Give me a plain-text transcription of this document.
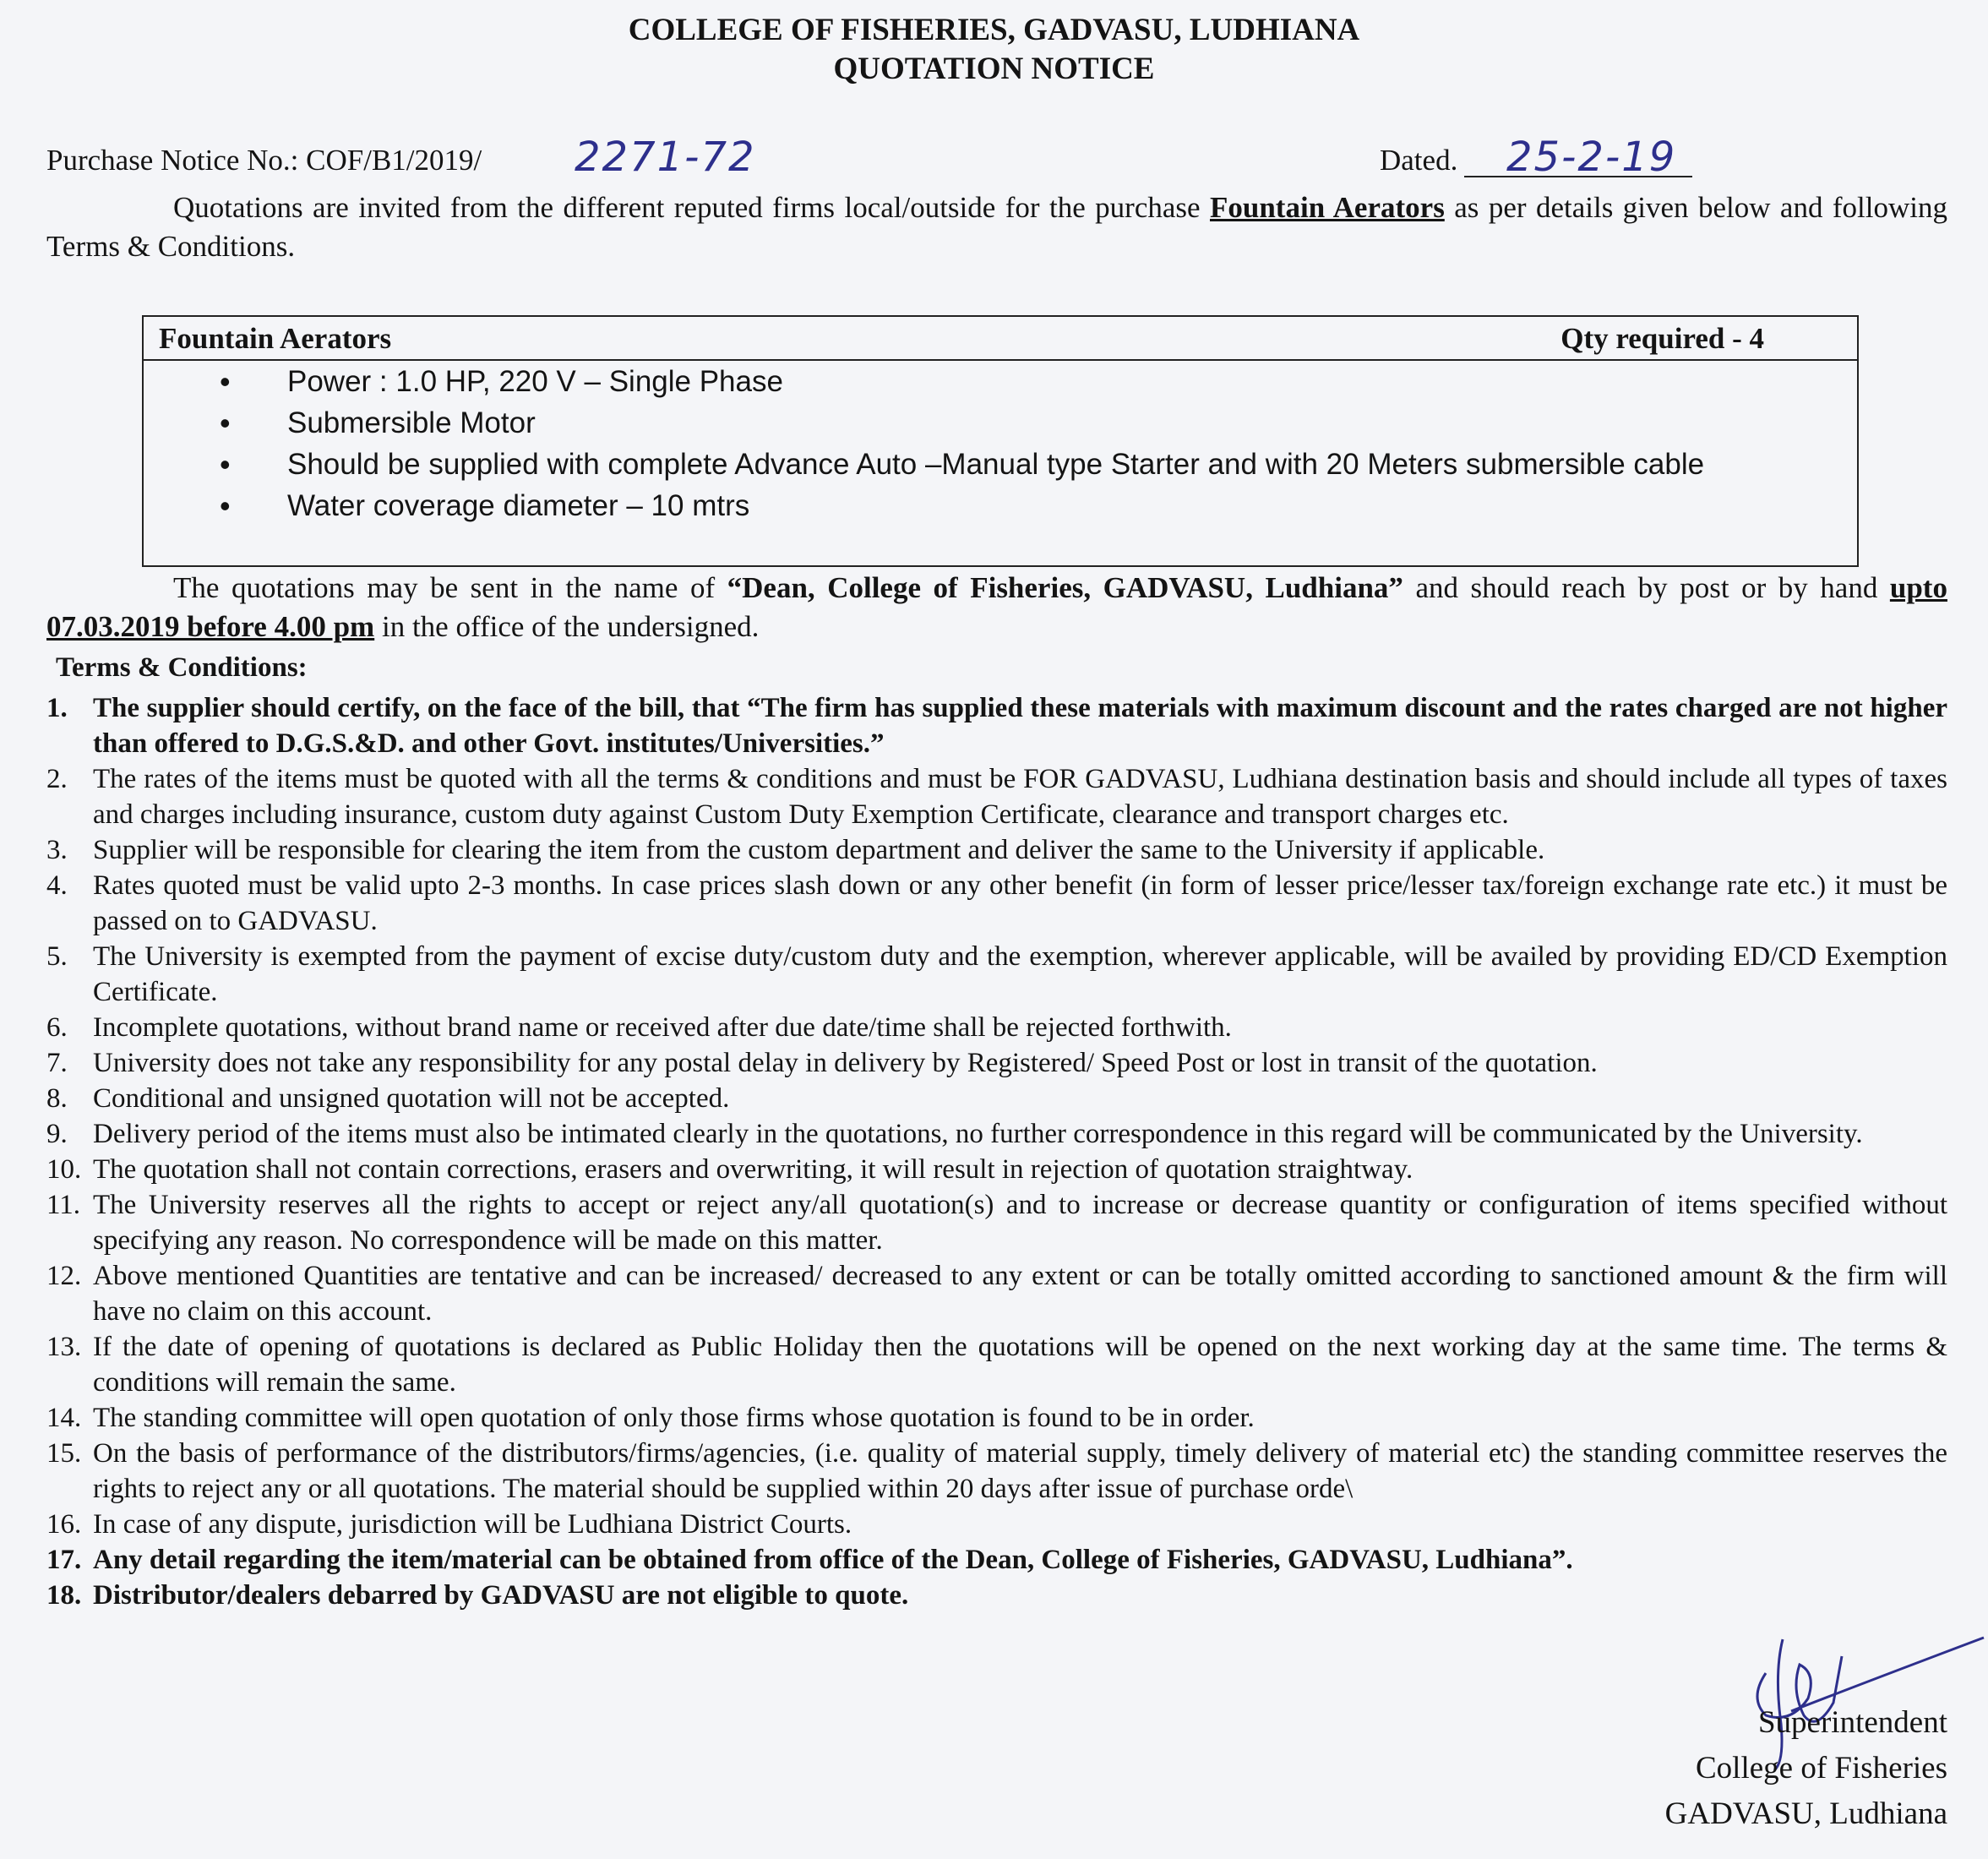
COLLEGE OF FISHERIES, GADVASU, LUDHIANA
QUOTATION NOTICE
Purchase Notice No.: COF/B1/2019/ 2271-72	Dated. 25-2-19
Quotations are invited from the different reputed firms local/outside for the purchase Fountain Aerators as per details given below and following Terms & Conditions.
Fountain Aerators	Qty required - 4
• Power : 1.0 HP, 220 V – Single Phase
• Submersible Motor
• Should be supplied with complete Advance Auto –Manual type Starter and with 20 Meters submersible cable
• Water coverage diameter – 10 mtrs
The quotations may be sent in the name of “Dean, College of Fisheries, GADVASU, Ludhiana” and should reach by post or by hand upto 07.03.2019 before 4.00 pm in the office of the undersigned.
Terms & Conditions:
1. The supplier should certify, on the face of the bill, that “The firm has supplied these materials with maximum discount and the rates charged are not higher than offered to D.G.S.&D. and other Govt. institutes/Universities.”
2. The rates of the items must be quoted with all the terms & conditions and must be FOR GADVASU, Ludhiana destination basis and should include all types of taxes and charges including insurance, custom duty against Custom Duty Exemption Certificate, clearance and transport charges etc.
3. Supplier will be responsible for clearing the item from the custom department and deliver the same to the University if applicable.
4. Rates quoted must be valid upto 2-3 months. In case prices slash down or any other benefit (in form of lesser price/lesser tax/foreign exchange rate etc.) it must be passed on to GADVASU.
5. The University is exempted from the payment of excise duty/custom duty and the exemption, wherever applicable, will be availed by providing ED/CD Exemption Certificate.
6. Incomplete quotations, without brand name or received after due date/time shall be rejected forthwith.
7. University does not take any responsibility for any postal delay in delivery by Registered/ Speed Post or lost in transit of the quotation.
8. Conditional and unsigned quotation will not be accepted.
9. Delivery period of the items must also be intimated clearly in the quotations, no further correspondence in this regard will be communicated by the University.
10. The quotation shall not contain corrections, erasers and overwriting, it will result in rejection of quotation straightway.
11. The University reserves all the rights to accept or reject any/all quotation(s) and to increase or decrease quantity or configuration of items specified without specifying any reason. No correspondence will be made on this matter.
12. Above mentioned Quantities are tentative and can be increased/ decreased to any extent or can be totally omitted according to sanctioned amount & the firm will have no claim on this account.
13. If the date of opening of quotations is declared as Public Holiday then the quotations will be opened on the next working day at the same time. The terms & conditions will remain the same.
14. The standing committee will open quotation of only those firms whose quotation is found to be in order.
15. On the basis of performance of the distributors/firms/agencies, (i.e. quality of material supply, timely delivery of material etc) the standing committee reserves the rights to reject any or all quotations. The material should be supplied within 20 days after issue of purchase orde\
16. In case of any dispute, jurisdiction will be Ludhiana District Courts.
17. Any detail regarding the item/material can be obtained from office of the Dean, College of Fisheries, GADVASU, Ludhiana”.
18. Distributor/dealers debarred by GADVASU are not eligible to quote.
Superintendent
College of Fisheries
GADVASU, Ludhiana
